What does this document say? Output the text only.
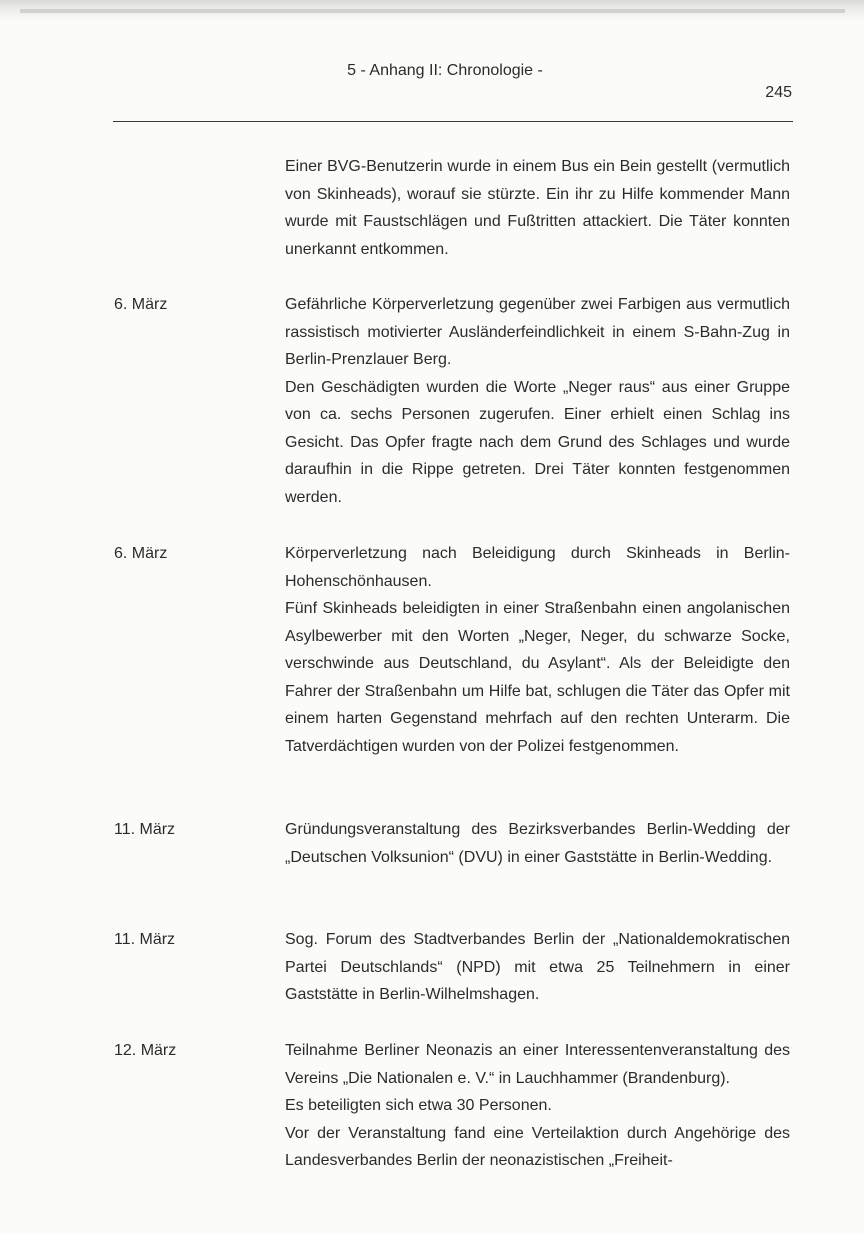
5 - Anhang II: Chronologie -
245

Einer BVG-Benutzerin wurde in einem Bus ein Bein gestellt (vermutlich von Skinheads), worauf sie stürzte. Ein ihr zu Hilfe kommender Mann wurde mit Faustschlägen und Fußtritten attackiert. Die Täter konnten unerkannt entkommen.

6. März	Gefährliche Körperverletzung gegenüber zwei Farbigen aus vermutlich rassistisch motivierter Ausländerfeindlichkeit in einem S-Bahn-Zug in Berlin-Prenzlauer Berg.

Den Geschädigten wurden die Worte „Neger raus“ aus einer Gruppe von ca. sechs Personen zugerufen. Einer erhielt einen Schlag ins Gesicht. Das Opfer fragte nach dem Grund des Schlages und wurde daraufhin in die Rippe getreten. Drei Täter konnten festgenommen werden.

6. März	Körperverletzung nach Beleidigung durch Skinheads in Berlin-Hohenschönhausen.

Fünf Skinheads beleidigten in einer Straßenbahn einen angolanischen Asylbewerber mit den Worten „Neger, Neger, du schwarze Socke, verschwinde aus Deutschland, du Asylant“. Als der Beleidigte den Fahrer der Straßenbahn um Hilfe bat, schlugen die Täter das Opfer mit einem harten Gegenstand mehrfach auf den rechten Unterarm. Die Tatverdächtigen wurden von der Polizei festgenommen.

11. März	Gründungsveranstaltung des Bezirksverbandes Berlin-Wedding der „Deutschen Volksunion“ (DVU) in einer Gaststätte in Berlin-Wedding.

11. März	Sog. Forum des Stadtverbandes Berlin der „Nationaldemokratischen Partei Deutschlands“ (NPD) mit etwa 25 Teilnehmern in einer Gaststätte in Berlin-Wilhelmshagen.

12. März	Teilnahme Berliner Neonazis an einer Interessentenveranstaltung des Vereins „Die Nationalen e. V.“ in Lauchhammer (Brandenburg).

Es beteiligten sich etwa 30 Personen.

Vor der Veranstaltung fand eine Verteilaktion durch Angehörige des Landesverbandes Berlin der neonazistischen „Freiheit-
